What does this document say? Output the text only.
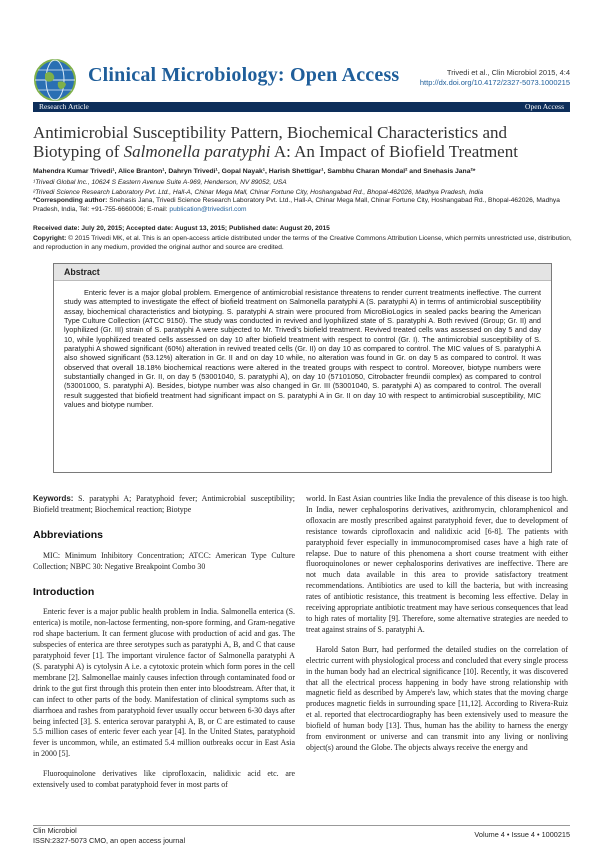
Clinical Microbiology: Open Access	Trivedi et al., Clin Microbiol 2015, 4:4
http://dx.doi.org/10.4172/2327-5073.1000215
Research Article	Open Access
Antimicrobial Susceptibility Pattern, Biochemical Characteristics and Biotyping of Salmonella paratyphi A: An Impact of Biofield Treatment
Mahendra Kumar Trivedi¹, Alice Branton¹, Dahryn Trivedi¹, Gopal Nayak¹, Harish Shettigar¹, Sambhu Charan Mondal² and Snehasis Jana²*
¹Trivedi Global Inc., 10624 S Eastern Avenue Suite A-969, Henderson, NV 89052, USA
²Trivedi Science Research Laboratory Pvt. Ltd., Hall-A, Chinar Mega Mall, Chinar Fortune City, Hoshangabad Rd., Bhopal-462026, Madhya Pradesh, India
*Corresponding author: Snehasis Jana, Trivedi Science Research Laboratory Pvt. Ltd., Hall-A, Chinar Mega Mall, Chinar Fortune City, Hoshangabad Rd., Bhopal-462026, Madhya Pradesh, India, Tel: +91-755-6660006; E-mail: publication@trivedisrl.com
Received date: July 20, 2015; Accepted date: August 13, 2015; Published date: August 20, 2015
Copyright: © 2015 Trivedi MK, et al. This is an open-access article distributed under the terms of the Creative Commons Attribution License, which permits unrestricted use, distribution, and reproduction in any medium, provided the original author and source are credited.
Abstract
Enteric fever is a major global problem. Emergence of antimicrobial resistance threatens to render current treatments ineffective. The current study was attempted to investigate the effect of biofield treatment on Salmonella paratyphi A (S. paratyphi A) in terms of antimicrobial susceptibility assay, biochemical characteristics and biotyping. S. paratyphi A strain were procured from MicroBioLogics in sealed packs bearing the American Type Culture Collection (ATCC 9150). The study was conducted in revived and lyophilized state of S. paratyphi A. Both revived (Group; Gr. II) and lyophilized (Gr. III) strain of S. paratyphi A were subjected to Mr. Trivedi's biofield treatment. Revived treated cells was assessed on day 5 and day 10, while lyophilized treated cells assessed on day 10 after biofield treatment with respect to control (Gr. I). The antimicrobial susceptibility of S. paratyphi A showed significant (60%) alteration in revived treated cells (Gr. II) on day 10 as compared to control. The MIC values of S. paratyphi A also showed significant (53.12%) alteration in Gr. II and on day 10 while, no alteration was found in Gr. on day 5 as compared to control. It was observed that overall 18.18% biochemical reactions were altered in the treated groups with respect to control. Moreover, biotype numbers were substantially changed in Gr. II, on day 5 (53001040, S. paratyphi A), on day 10 (57101050, Citrobacter freundii complex) as compared to control (53001000, S. paratyphi A). Besides, biotype number was also changed in Gr. III (53001040, S. paratyphi A) as compared to control. The overall result suggested that biofield treatment had significant impact on S. paratyphi A in Gr. II on day 10 with respect to antimicrobial susceptibility, MIC values and biotype number.

Keywords: S. paratyphi A; Paratyphoid fever; Antimicrobial susceptibility; Biofield treatment; Biochemical reaction; Biotype

Abbreviations

MIC: Minimum Inhibitory Concentration; ATCC: American Type Culture Collection; NBPC 30: Negative Breakpoint Combo 30

Introduction

Enteric fever is a major public health problem in India. Salmonella enterica (S. enterica) is motile, non-lactose fermenting, non-spore forming, and Gram-negative rod shape bacterium. It can ferment glucose with production of acid and gas. The subspecies of enterica are three serotypes such as paratyphi A, B, and C that cause paratyphoid fever [1]. The important virulence factor of Salmonella paratyphi A (S. paratyphi A) is cytolysin A i.e. a cytotoxic protein which form pores in the cell membrane [2]. Salmonellae mainly causes infection through contaminated food or drink to the gut first through this protein then enter into bloodstream. After that, it can infect to other parts of the body. Manifestation of clinical symptoms such as diarrhoea and rashes from paratyphoid fever usually occur between 6-30 days after being infected [3]. S. enterica serovar paratyphi A, B, or C are estimated to cause 5.5 million cases of enteric fever each year [4]. In the United States, paratyphoid fever is uncommon, while, an estimated 5.4 million outbreaks occur in East Asia in 2000 [5].

Fluoroquinolone derivatives like ciprofloxacin, nalidixic acid etc. are extensively used to combat paratyphoid fever in most parts of

world. In East Asian countries like India the prevalence of this disease is too high. In India, newer cephalosporins derivatives, azithromycin, chloramphenicol and ofloxacin are mostly prescribed against paratyphoid fever, due to development of resistance towards ciprofloxacin and nalidixic acid [6-8]. The patients with paratyphoid fever especially in immunocompromised cases have a high rate of relapse. Due to nature of this phenomena a short course treatment with either fluoroquinolones or newer cephalosporins derivatives are ineffective. There are not much data available in this area to provide satisfactory treatment recommendations. Antibiotics are used to kill the bacteria, but with increasing rates of antibiotic resistance, this treatment is becoming less effective. Delay in receiving appropriate antibiotic treatment may have serious consequences that lead to high rates of mortality [9]. Therefore, some alternative strategies are needed to treat against strains of S. paratyphi A.

Harold Saton Burr, had performed the detailed studies on the correlation of electric current with physiological process and concluded that every single process in the human body had an electrical significance [10]. Recently, it was discovered that all the electrical process happening in body have strong relationship with magnetic field as described by Ampere's law, which states that the moving charge produces magnetic fields in surrounding space [11,12]. According to Rivera-Ruiz et al. reported that electrocardiography has been extensively used to measure the biofield of human body [13]. Thus, human has the ability to harness the energy from environment or universe and can transmit into any living or nonliving object(s) around the Globe. The objects always receive the energy and

Clin Microbiol
ISSN:2327-5073 CMO, an open access journal
Volume 4 • Issue 4 • 1000215
